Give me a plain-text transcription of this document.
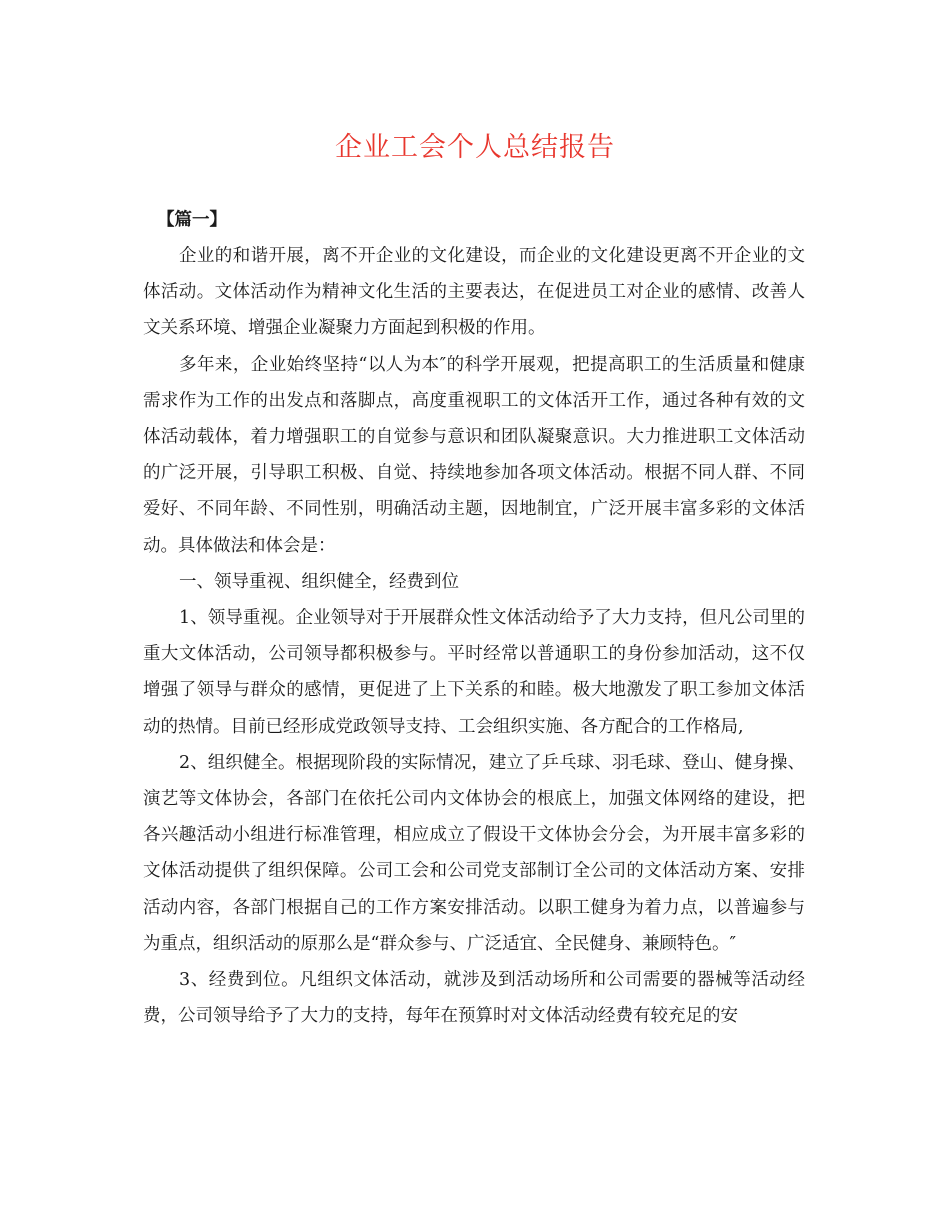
企业工会个人总结报告

【篇一】

企业的和谐开展，离不开企业的文化建设，而企业的文化建设更离不开企业的文体活动。文体活动作为精神文化生活的主要表达，在促进员工对企业的感情、改善人文关系环境、增强企业凝聚力方面起到积极的作用。

多年来，企业始终坚持“以人为本″的科学开展观，把提高职工的生活质量和健康需求作为工作的出发点和落脚点，高度重视职工的文体活开工作，通过各种有效的文体活动载体，着力增强职工的自觉参与意识和团队凝聚意识。大力推进职工文体活动的广泛开展，引导职工积极、自觉、持续地参加各项文体活动。根据不同人群、不同爱好、不同年龄、不同性别，明确活动主题，因地制宜，广泛开展丰富多彩的文体活动。具体做法和体会是：

一、领导重视、组织健全，经费到位

1、领导重视。企业领导对于开展群众性文体活动给予了大力支持，但凡公司里的重大文体活动，公司领导都积极参与。平时经常以普通职工的身份参加活动，这不仅增强了领导与群众的感情，更促进了上下关系的和睦。极大地激发了职工参加文体活动的热情。目前已经形成党政领导支持、工会组织实施、各方配合的工作格局,

2、组织健全。根据现阶段的实际情况，建立了乒乓球、羽毛球、登山、健身操、演艺等文体协会，各部门在依托公司内文体协会的根底上，加强文体网络的建设，把各兴趣活动小组进行标准管理，相应成立了假设干文体协会分会，为开展丰富多彩的文体活动提供了组织保障。公司工会和公司党支部制订全公司的文体活动方案、安排活动内容，各部门根据自己的工作方案安排活动。以职工健身为着力点，以普遍参与为重点，组织活动的原那么是“群众参与、广泛适宜、全民健身、兼顾特色。″

3、经费到位。凡组织文体活动，就涉及到活动场所和公司需要的器械等活动经费，公司领导给予了大力的支持，每年在预算时对文体活动经费有较充足的安
